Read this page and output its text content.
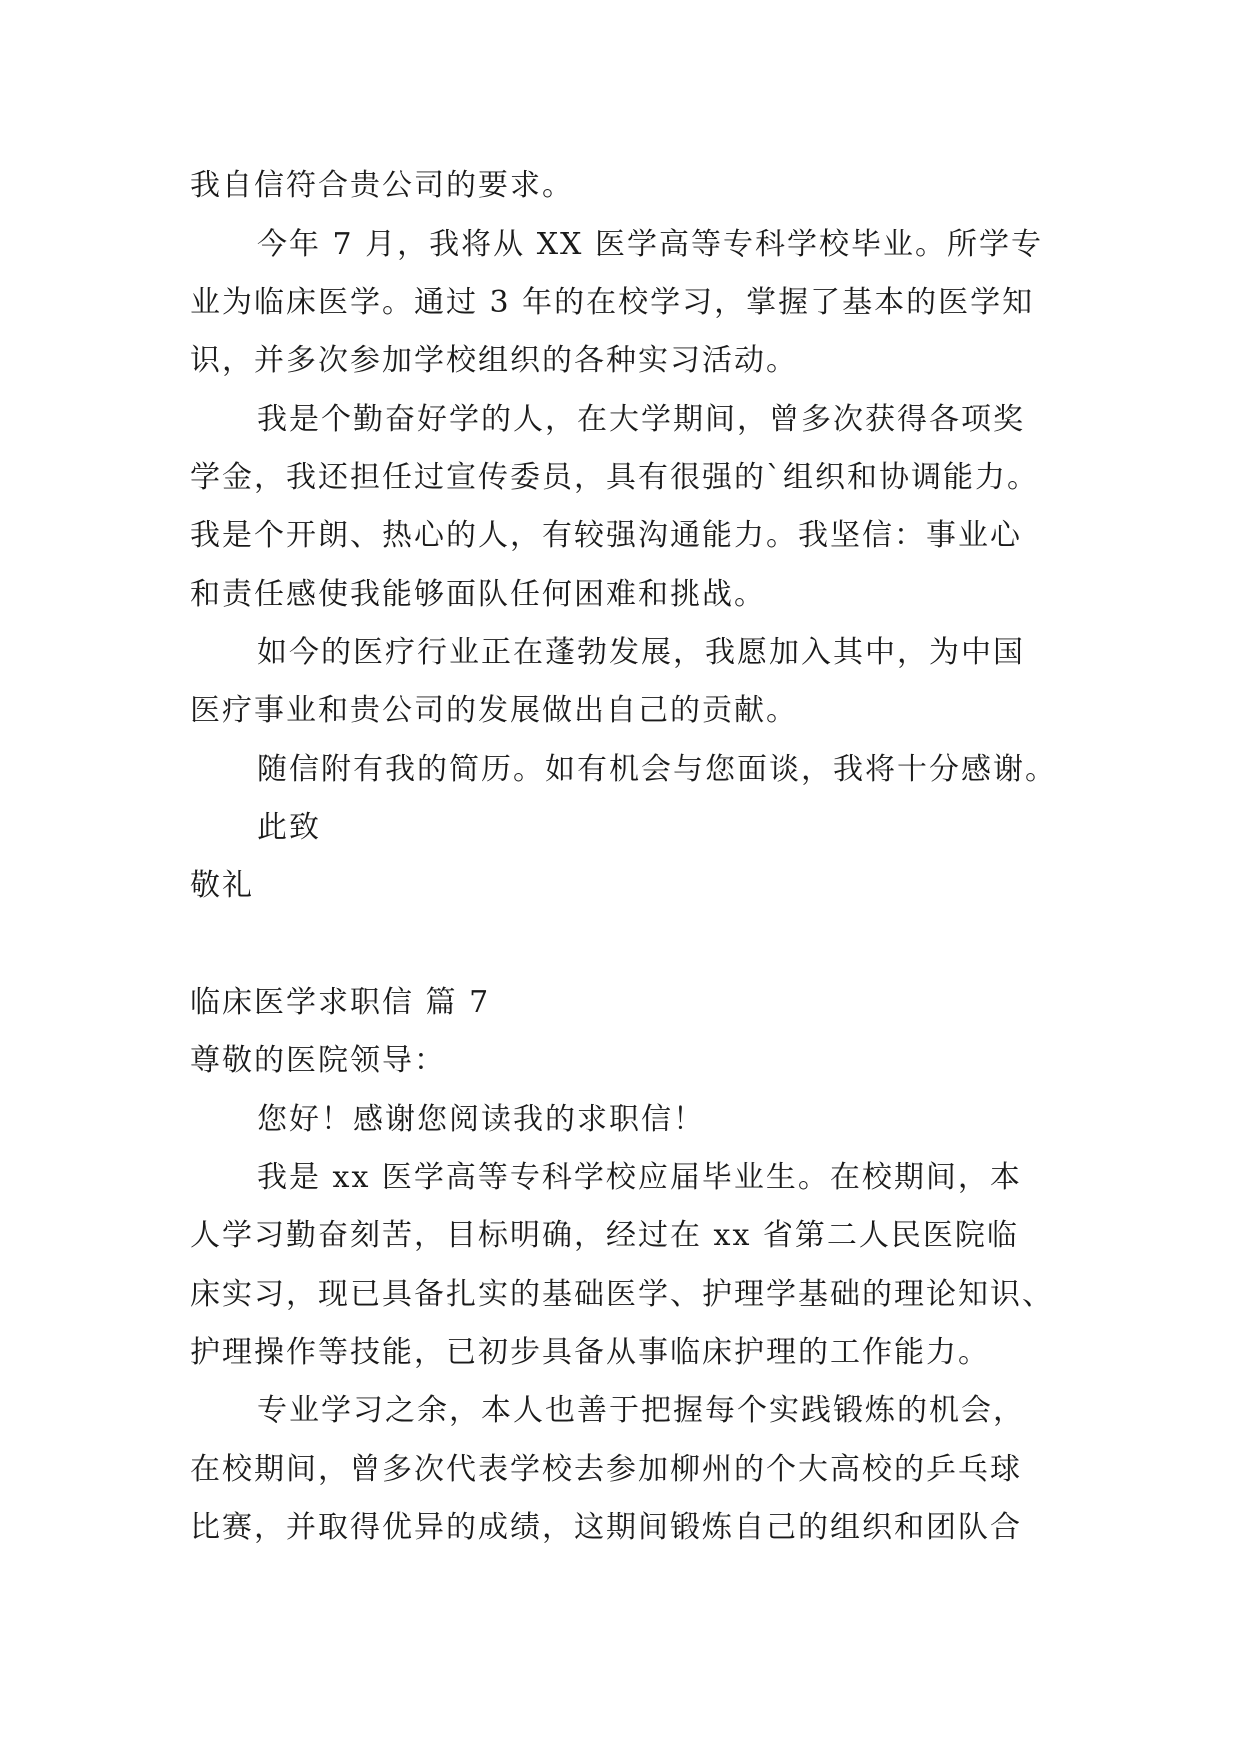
我自信符合贵公司的要求。
今年 7 月，我将从 XX 医学高等专科学校毕业。所学专
业为临床医学。通过 3 年的在校学习，掌握了基本的医学知
识，并多次参加学校组织的各种实习活动。
我是个勤奋好学的人，在大学期间，曾多次获得各项奖
学金，我还担任过宣传委员，具有很强的`组织和协调能力。
我是个开朗、热心的人，有较强沟通能力。我坚信：事业心
和责任感使我能够面队任何困难和挑战。
如今的医疗行业正在蓬勃发展，我愿加入其中，为中国
医疗事业和贵公司的发展做出自己的贡献。
随信附有我的简历。如有机会与您面谈，我将十分感谢。
此致
敬礼
临床医学求职信 篇 7
尊敬的医院领导：
您好！感谢您阅读我的求职信！
我是 xx 医学高等专科学校应届毕业生。在校期间，本
人学习勤奋刻苦，目标明确，经过在 xx 省第二人民医院临
床实习，现已具备扎实的基础医学、护理学基础的理论知识、
护理操作等技能，已初步具备从事临床护理的工作能力。
专业学习之余，本人也善于把握每个实践锻炼的机会，
在校期间，曾多次代表学校去参加柳州的个大高校的乒乓球
比赛，并取得优异的成绩，这期间锻炼自己的组织和团队合
